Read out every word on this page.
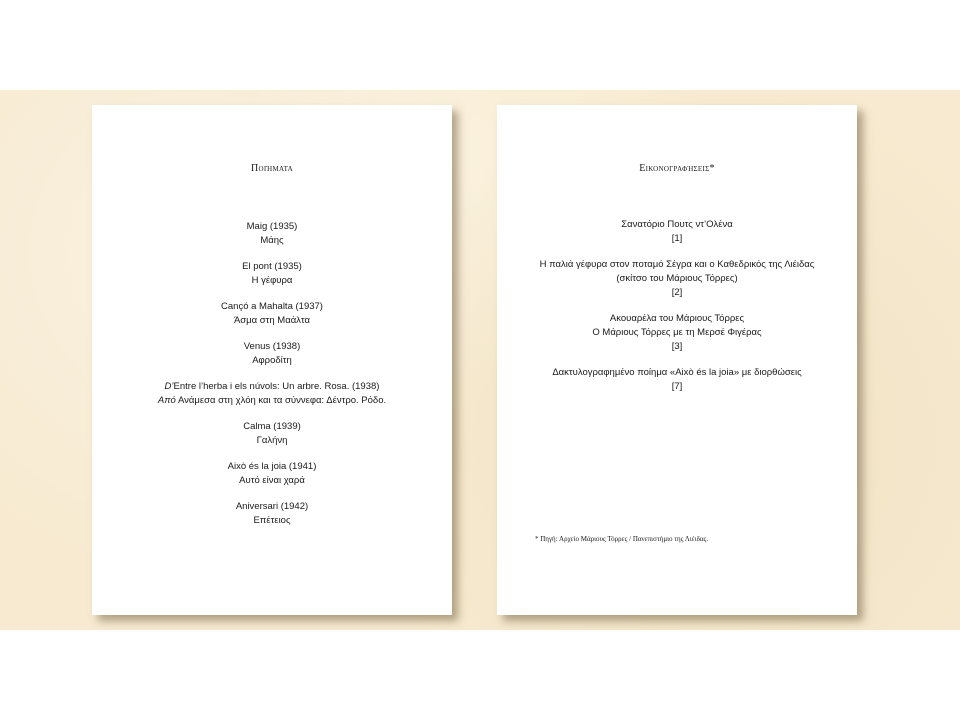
Ποιήματα
Maig (1935)
Μάης
El pont (1935)
Η γέφυρα
Cançó a Mahalta (1937)
Άσμα στη Μαάλτα
Venus (1938)
Αφροδίτη
D’Entre l’herba i els núvols: Un arbre. Rosa. (1938)
Από Ανάμεσα στη χλόη και τα σύννεφα: Δέντρο. Ρόδο.
Calma (1939)
Γαλήνη
Això és la joia (1941)
Αυτό είναι χαρά
Aniversari (1942)
Επέτειος
Εικονογραφήσεις*
Σανατόριο Πουτς ντ’Ολένα
[1]
Η παλιά γέφυρα στον ποταμό Σέγρα και ο Καθεδρικός της Λιέιδας
(σκίτσο του Μάριους Τόρρες)
[2]
Ακουαρέλα του Μάριους Τόρρες
Ο Μάριους Τόρρες με τη Μερσέ Φιγέρας
[3]
Δακτυλογραφημένο ποίημα «Això és la joia» με διορθώσεις
[7]
* Πηγή: Αρχείο Μάριους Τόρρες / Πανεπιστήμιο της Λιέιδας.
